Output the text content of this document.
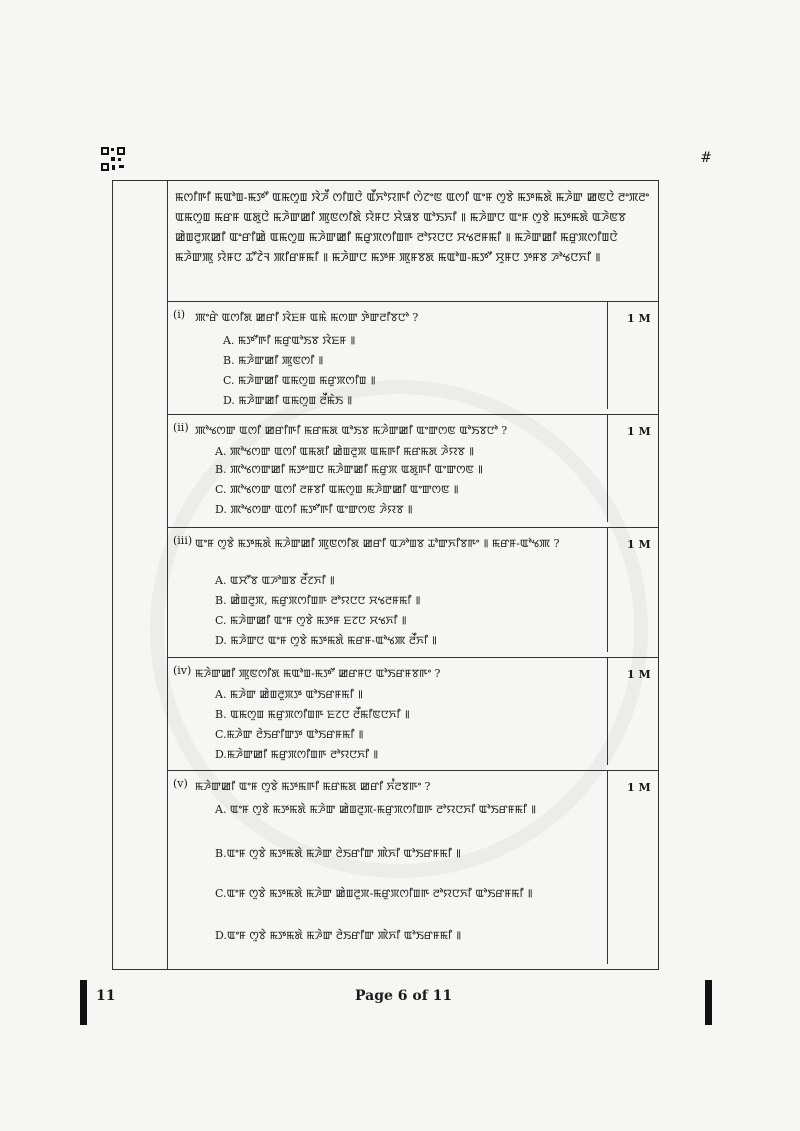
#
ꯃꯁꯤꯒꯤ ꯃꯑꯣꯡ-ꯃꯇꯧ ꯑꯃꯁꯨꯡ ꯋꯥꯍꯩ ꯁꯤꯡꯅꯥ ꯑꯩꯈꯣꯌꯒꯤ ꯁꯥꯖꯦꯟ ꯑꯁꯤ ꯑꯦꯝ ꯁꯨꯕꯥ ꯃꯇꯃꯗꯥ ꯃꯍꯥꯛ ꯀꯟꯅꯥ ꯂꯦꯞꯂꯦ ꯑꯃꯁꯨꯡ ꯃꯔꯝ ꯑꯗꯨꯅꯥ ꯃꯍꯥꯛꯀꯤ ꯄꯨꯟꯁꯤꯗꯥ ꯌꯥꯝꯅ ꯆꯥꯎꯕ ꯑꯣꯏꯈꯤ ꯫ ꯃꯍꯥꯛꯅ ꯑꯦꯝ ꯁꯨꯕꯥ ꯃꯇꯃꯗꯥ ꯑꯍꯥꯟꯕ ꯀꯥꯡꯂꯨꯞꯀꯤ ꯑꯦꯔꯤꯀꯥ ꯑꯃꯁꯨꯡ ꯃꯍꯥꯛꯀꯤ ꯃꯔꯨꯞꯁꯤꯡꯒ ꯂꯣꯌꯅꯅ ꯆꯠꯂꯝꯃꯤ ꯫ ꯃꯍꯥꯛꯀꯤ ꯃꯔꯨꯞꯁꯤꯡꯅꯥ ꯃꯍꯥꯛꯄꯨ ꯌꯥꯝꯅ ꯊꯧꯖꯥꯜ ꯄꯤꯔꯝꯃꯤ ꯫ ꯃꯍꯥꯛꯅ ꯃꯇꯝ ꯄꯨꯝꯕꯗ ꯃꯑꯣꯡ-ꯃꯇꯧ ꯆꯨꯝꯅ ꯇꯝꯕ ꯍꯣꯠꯅꯈꯤ ꯫
(i) ꯄꯦꯔꯥ ꯑꯁꯤꯗ ꯀꯔꯤ ꯋꯥꯐꯝ ꯑꯃꯥ ꯃꯁꯛ ꯇꯥꯛꯂꯤꯕꯅꯣ ?
A. ꯃꯇꯧꯒꯤ ꯃꯔꯨꯑꯣꯏꯕ ꯋꯥꯐꯝ ꯫
B. ꯃꯍꯥꯛꯀꯤ ꯄꯨꯟꯁꯤ ꯫
C. ꯃꯍꯥꯛꯀꯤ ꯑꯃꯁꯨꯡ ꯃꯔꯨꯞꯁꯤꯡ ꯫
D. ꯃꯍꯥꯛꯀꯤ ꯑꯃꯁꯨꯡ ꯂꯩꯃꯥꯏ ꯫
1 M
(ii) ꯄꯣꯠꯁꯛ ꯑꯁꯤ ꯀꯔꯤꯒꯤ ꯃꯔꯃꯗ ꯑꯣꯏꯕ ꯃꯍꯥꯛꯀꯤ ꯑꯦꯛꯁꯟ ꯑꯣꯏꯕꯅꯣ ?
A. ꯄꯣꯠꯁꯛ ꯑꯁꯤ ꯑꯃꯗꯤ ꯀꯥꯡꯂꯨꯞ ꯑꯃꯒꯤ ꯃꯔꯃꯗ ꯍꯥꯌꯕ ꯫
B. ꯄꯣꯠꯁꯛꯀꯤ ꯃꯇꯦꯡꯅ ꯃꯍꯥꯛꯀꯤ ꯃꯔꯨꯞ ꯑꯗꯨꯒꯤ ꯑꯦꯛꯁꯟ ꯫
C. ꯄꯣꯠꯁꯛ ꯑꯁꯤ ꯂꯝꯕꯤ ꯑꯃꯁꯨꯡ ꯃꯍꯥꯛꯀꯤ ꯑꯦꯛꯁꯟ ꯫
D. ꯄꯣꯠꯁꯛ ꯑꯁꯤ ꯃꯇꯧꯒꯤ ꯑꯦꯛꯁꯟ ꯍꯥꯌꯕ ꯫
1 M
(iii) ꯑꯦꯝ ꯁꯨꯕꯥ ꯃꯇꯃꯗꯥ ꯃꯍꯥꯛꯀꯤ ꯄꯨꯟꯁꯤꯗ ꯀꯔꯤ ꯑꯍꯣꯡꯕ ꯊꯣꯛꯈꯤꯕꯒꯦ ꯫ ꯃꯔꯝ-ꯑꯣꯠꯄ ?
A. ꯑꯆꯧꯕ ꯑꯍꯣꯡꯕ ꯂꯩꯖꯈꯤ ꯫
B. ꯀꯥꯡꯂꯨꯞ, ꯃꯔꯨꯞꯁꯤꯡꯒ ꯂꯣꯌꯅꯅ ꯆꯠꯂꯝꯃꯤ ꯫
C. ꯃꯍꯥꯛꯀꯤ ꯑꯦꯝ ꯁꯨꯕꯥ ꯃꯇꯝ ꯐꯖꯅ ꯆꯠꯈꯤ ꯫
D. ꯃꯍꯥꯛꯅ ꯑꯦꯝ ꯁꯨꯕꯥ ꯃꯇꯃꯗꯥ ꯃꯔꯝ-ꯑꯣꯠꯄ ꯂꯩꯈꯤ ꯫
1 M
(iv) ꯃꯍꯥꯛꯀꯤ ꯄꯨꯟꯁꯤꯗ ꯃꯑꯣꯡ-ꯃꯇꯧ ꯀꯔꯝꯅ ꯑꯣꯏꯔꯝꯕꯒꯦ ?
A. ꯃꯍꯥꯛ ꯀꯥꯡꯂꯨꯞꯇ ꯑꯣꯏꯔꯝꯃꯤ ꯫
B. ꯑꯃꯁꯨꯡ ꯃꯔꯨꯞꯁꯤꯡꯒ ꯐꯖꯅ ꯂꯩꯃꯤꯟꯅꯈꯤ ꯫
C.ꯃꯍꯥꯛ ꯂꯥꯏꯔꯤꯛꯇ ꯑꯣꯏꯔꯝꯃꯤ ꯫
D.ꯃꯍꯥꯛꯀꯤ ꯃꯔꯨꯞꯁꯤꯡꯒ ꯂꯣꯌꯅꯈꯤ ꯫
1 M
(v) ꯃꯍꯥꯛꯀꯤ ꯑꯦꯝ ꯁꯨꯕꯥ ꯃꯇꯃꯒꯤ ꯃꯔꯃꯗ ꯀꯔꯤ ꯈꯪꯂꯕꯒꯦ ?
A. ꯑꯦꯝ ꯁꯨꯕꯥ ꯃꯇꯃꯗꯥ ꯃꯍꯥꯛ ꯀꯥꯡꯂꯨꯞ-ꯃꯔꯨꯞꯁꯤꯡꯒ ꯂꯣꯌꯅꯈꯤ ꯑꯣꯏꯔꯝꯃꯤ ꯫
B.ꯑꯦꯝ ꯁꯨꯕꯥ ꯃꯇꯃꯗꯥ ꯃꯍꯥꯛ ꯂꯥꯏꯔꯤꯛ ꯄꯥꯈꯤ ꯑꯣꯏꯔꯝꯃꯤ ꯫
C.ꯑꯦꯝ ꯁꯨꯕꯥ ꯃꯇꯃꯗꯥ ꯃꯍꯥꯛ ꯀꯥꯡꯂꯨꯞ-ꯃꯔꯨꯞꯁꯤꯡꯒ ꯂꯣꯌꯅꯈꯤ ꯑꯣꯏꯔꯝꯃꯤ ꯫
D.ꯑꯦꯝ ꯁꯨꯕꯥ ꯃꯇꯃꯗꯥ ꯃꯍꯥꯛ ꯂꯥꯏꯔꯤꯛ ꯄꯥꯈꯤ ꯑꯣꯏꯔꯝꯃꯤ ꯫
1 M
11	Page 6 of 11
